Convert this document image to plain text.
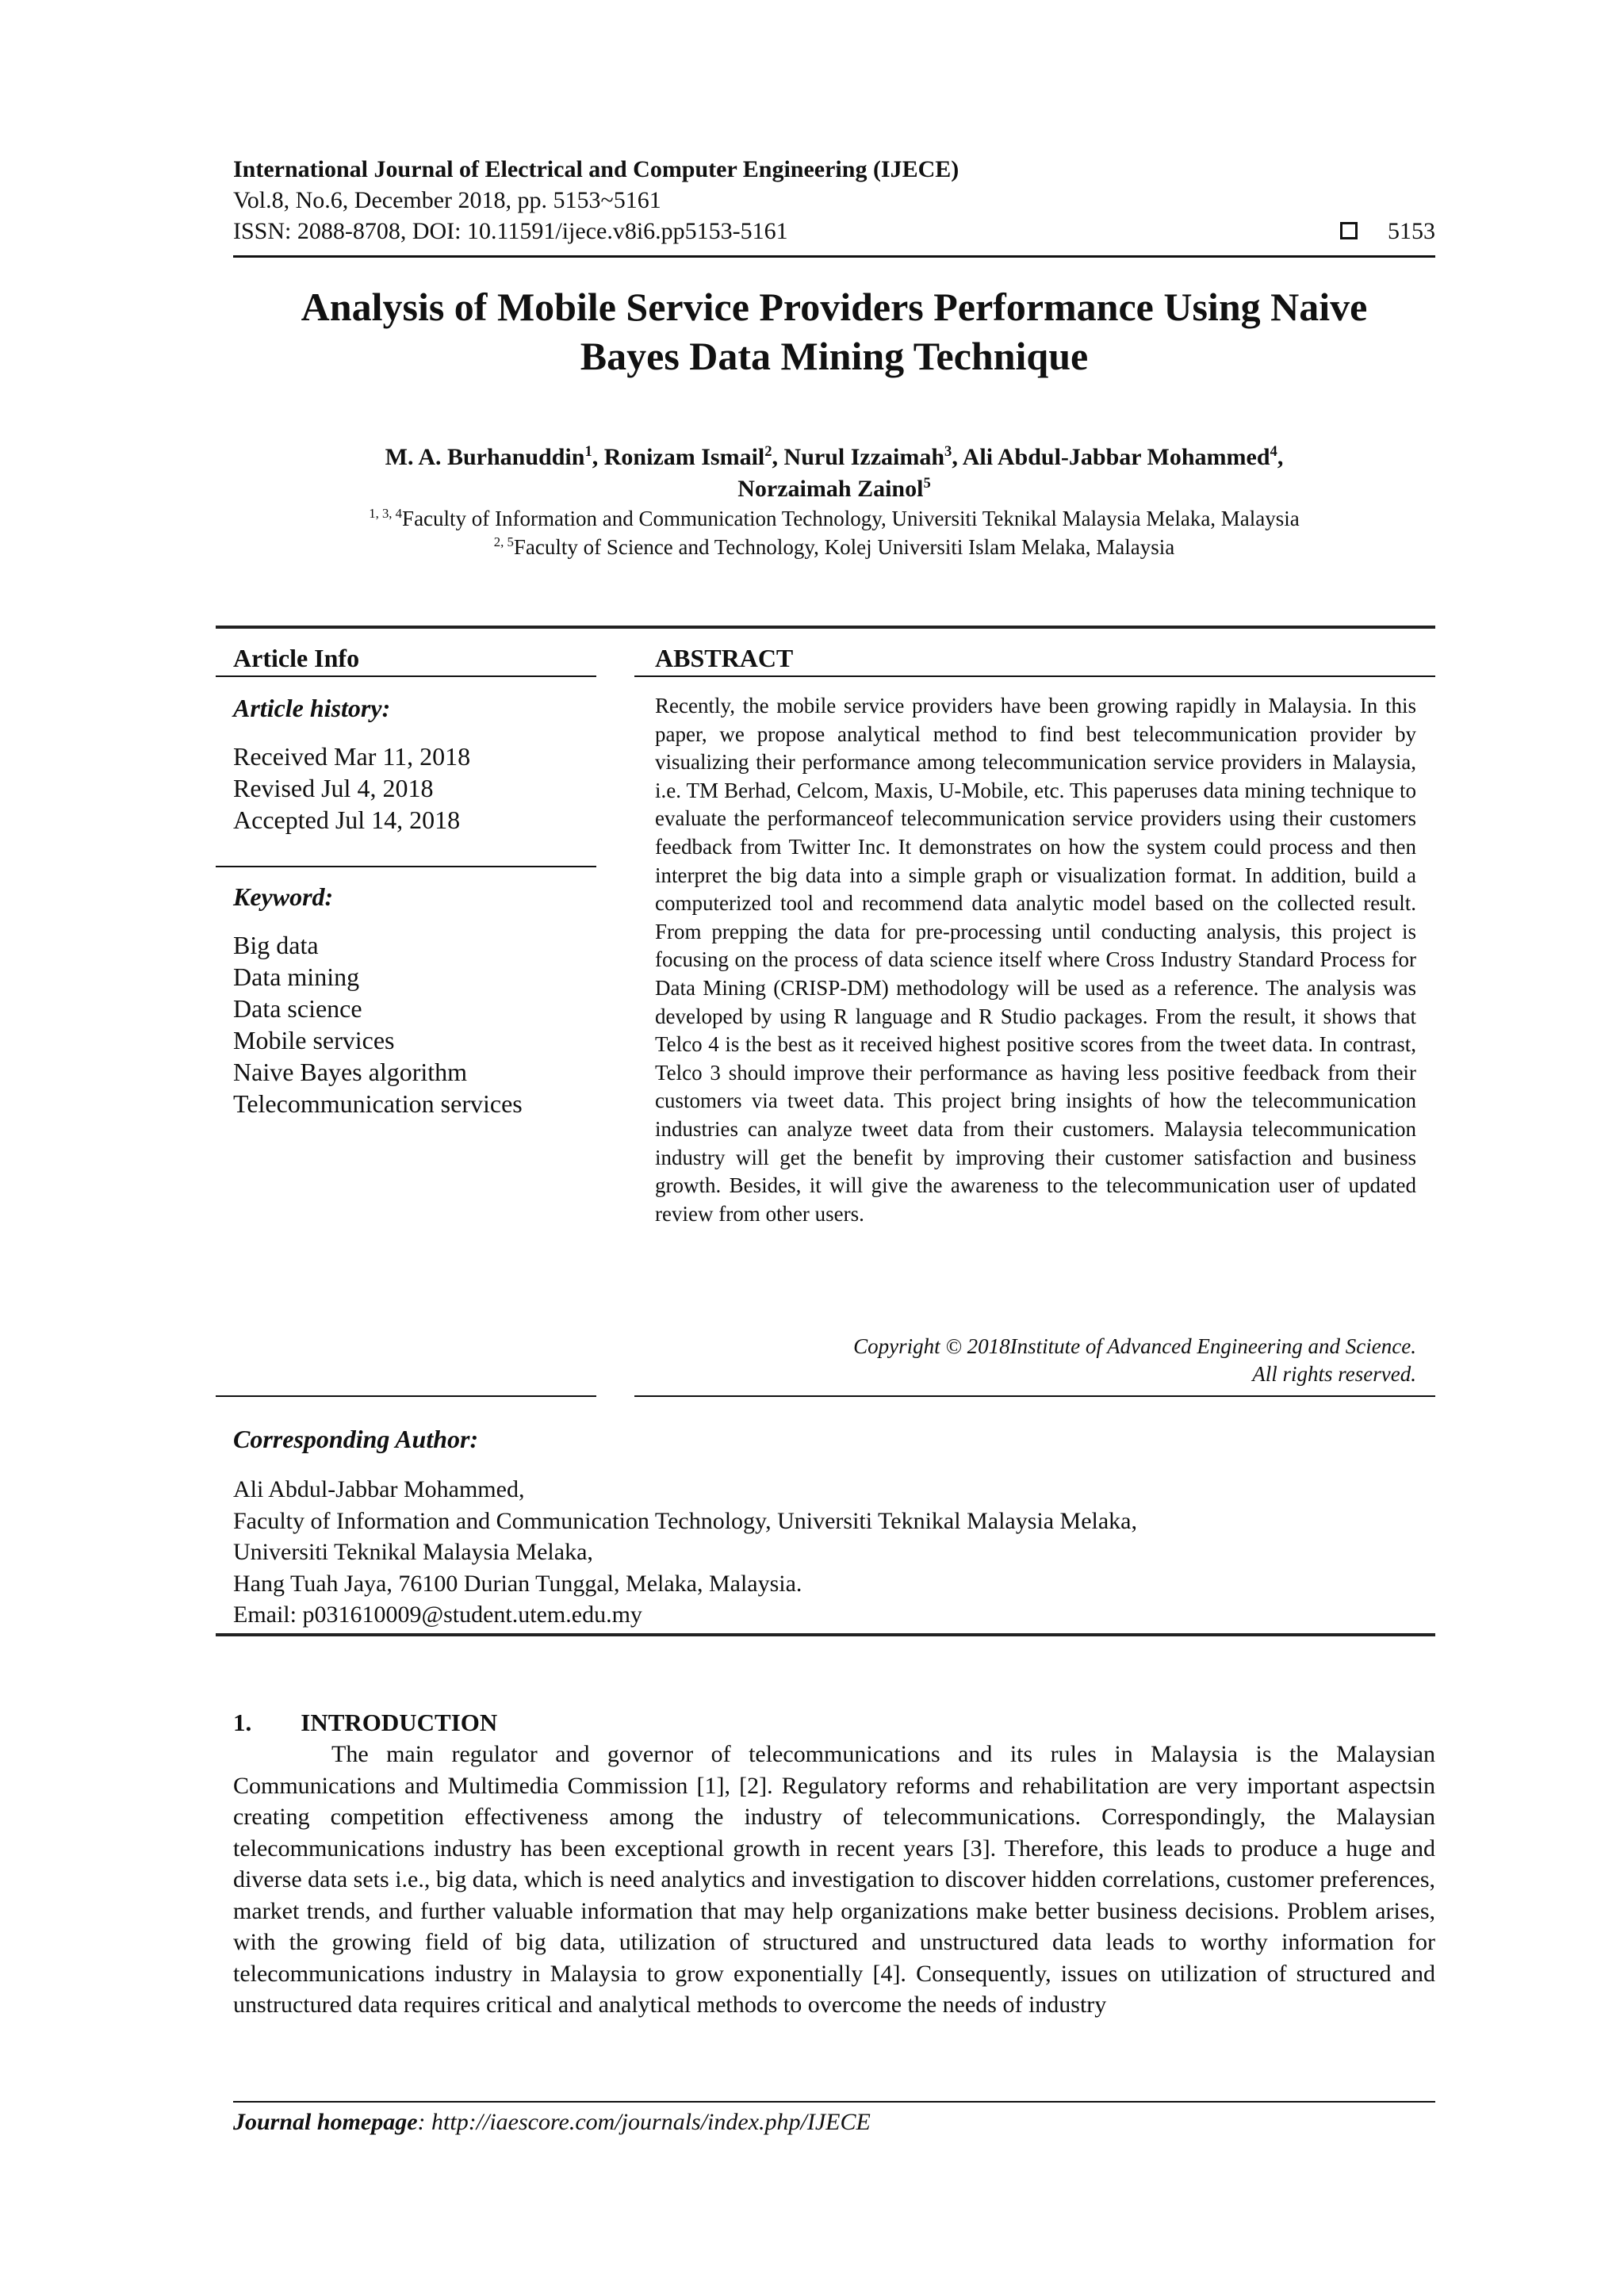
International Journal of Electrical and Computer Engineering (IJECE)
Vol.8, No.6, December 2018, pp. 5153~5161
ISSN: 2088-8708, DOI: 10.11591/ijece.v8i6.pp5153-5161	5153
Analysis of Mobile Service Providers Performance Using Naive
Bayes Data Mining Technique
M. A. Burhanuddin$^1$, Ronizam Ismail$^2$, Nurul Izzaimah$^3$, Ali Abdul-Jabbar Mohammed$^4$,
Norzaimah Zainol$^5$
$^{1, 3, 4}$Faculty of Information and Communication Technology, Universiti Teknikal Malaysia Melaka, Malaysia
$^{2, 5}$Faculty of Science and Technology, Kolej Universiti Islam Melaka, Malaysia
Article Info
Article history:
Received Mar 11, 2018
Revised Jul 4, 2018
Accepted Jul 14, 2018
Keyword:
Big data
Data mining
Data science
Mobile services
Naive Bayes algorithm
Telecommunication services
ABSTRACT
Recently, the mobile service providers have been growing rapidly in Malaysia. In this paper, we propose analytical method to find best telecommunication provider by visualizing their performance among telecommunication service providers in Malaysia, i.e. TM Berhad, Celcom, Maxis, U-Mobile, etc. This paperuses data mining technique to evaluate the performanceof telecommunication service providers using their customers feedback from Twitter Inc. It demonstrates on how the system could process and then interpret the big data into a simple graph or visualization format. In addition, build a computerized tool and recommend data analytic model based on the collected result. From prepping the data for pre-processing until conducting analysis, this project is focusing on the process of data science itself where Cross Industry Standard Process for Data Mining (CRISP-DM) methodology will be used as a reference. The analysis was developed by using R language and R Studio packages. From the result, it shows that Telco 4 is the best as it received highest positive scores from the tweet data. In contrast, Telco 3 should improve their performance as having less positive feedback from their customers via tweet data. This project bring insights of how the telecommunication industries can analyze tweet data from their customers. Malaysia telecommunication industry will get the benefit by improving their customer satisfaction and business growth. Besides, it will give the awareness to the telecommunication user of updated review from other users.
Copyright © 2018Institute of Advanced Engineering and Science.
All rights reserved.
Corresponding Author:
Ali Abdul-Jabbar Mohammed,
Faculty of Information and Communication Technology, Universiti Teknikal Malaysia Melaka,
Universiti Teknikal Malaysia Melaka,
Hang Tuah Jaya, 76100 Durian Tunggal, Melaka, Malaysia.
Email: p031610009@student.utem.edu.my
1.  INTRODUCTION

The main regulator and governor of telecommunications and its rules in Malaysia is the Malaysian Communications and Multimedia Commission [1], [2]. Regulatory reforms and rehabilitation are very important aspectsin creating competition effectiveness among the industry of telecommunications. Correspondingly, the Malaysian telecommunications industry has been exceptional growth in recent years [3]. Therefore, this leads to produce a huge and diverse data sets i.e., big data, which is need analytics and investigation to discover hidden correlations, customer preferences, market trends, and further valuable information that may help organizations make better business decisions. Problem arises, with the growing field of big data, utilization of structured and unstructured data leads to worthy information for telecommunications industry in Malaysia to grow exponentially [4]. Consequently, issues on utilization of structured and unstructured data requires critical and analytical methods to overcome the needs of industry

Journal homepage: http://iaescore.com/journals/index.php/IJECE
